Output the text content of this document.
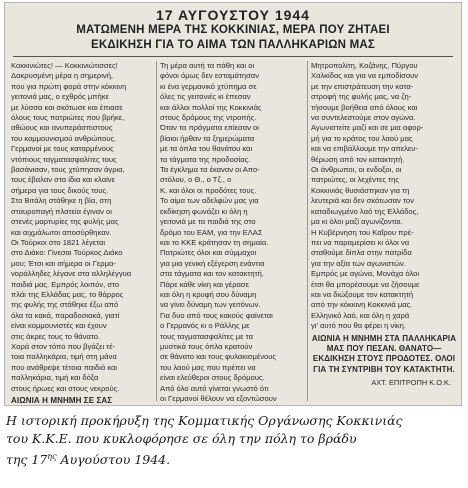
17 ΑΥΓΟΥΣΤΟΥ 1944
ΜΑΤΩΜΕΝΗ ΜΕΡΑ ΤΗΣ ΚΟΚΚΙΝΙΑΣ, ΜΕΡΑ ΠΟΥ ΖΗΤΑΕΙ
ΕΚΔΙΚΗΣΗ ΓΙΑ ΤΟ ΑΙΜΑ ΤΩΝ ΠΑΛΛΗΚΑΡΙΩΝ ΜΑΣ
Κοκκινιώτες! — Κοκκινιώτισσες!
Δακρυσμένη μέρα η σημερινή,
που για πρώτη φορά στην κόκκινη
γειτονιά μας, ο εχθρός μπήκε
με λύσσα και σκότωσε και έπιασε
όλους τους πατριώτες που βρήκε,
αθώους και ανυπεράσπιστους
του κομμουνισμού ανθρώπους.
Γερμανοί με τους καταρμένους
ντόπιους ταγματασφαλίτες τους
βασάνισαν, τους χτύπησαν άγρια,
τους έβαλαν στα ίδια και κλαίνε
σήμερα για τους δικούς τους.
Στο Βιτάλη στάθηκε η βία, στη
σταυροπαγή πλατεία έγιναν οι
στενές μαρτυρίες της φυλής μας
και αιχμάλωτοι αποσύρθηκαν.
Οι Τούρκοι στο 1821 λέγεται
στο Διάκο: Γίνεσαι Τούρκος Διάκο
μου; Έτσι και σήμερα οι Γερμα-
νοράλληδες λέγανε στα αλληλέγγυα
παιδιά μας. Εμπρός λοιπόν, στο
πλάι της Ελλάδας μας, το θάρρος
της φυλής της στάθηκε έξω από
όλα τα κακά, παραδοσιακά, γιατί
είναι κομμουνιστές και έχουν
στις άκρες τους το θάνατο.
Χαρά στον τόπο που βγάζει τέ-
τοια παλληκάρια, τιμή στη μάνα
που ανάθρεψε τέτοια παιδιά και
παλληκάρια, τιμή και δόξα
στους ήρωες και στους νεκρούς.

ΑΙΩΝΙΑ Η ΜΝΗΜΗ ΣΕ ΣΑΣ

Τη μέρα αυτή τα πάθη και οι
φόνοι όμως δεν εσταμάτησαν
κι ένα γερμανικό χτύπημα σε
όλες τις γειτονιές κι έπεσαν
και άλλοι πολλοί της Κοκκινιάς
στους δρόμους της ντροπής.
Όταν τα πράγματα επίεσαν οι
βίαιοι ήρθαν τα ξημερώματα
με τα όπλα του θανάτου και
τα τάγματα της προδοσίας.
Τα έγκλημα τα έκαναν οι Απο-
στόλου, ο Θ., ο Τζ., ο
Κ. και όλοι οι προδότες τους.
Το αίμα των αδελφών μας για
εκδίκηση φωνάζει κι όλη η
γειτονιά με τα παιδιά της στο
δρόμο του ΕΑΜ, για την ΕΛΑΣ
και το ΚΚΕ κράτησαν τη σημαία.
Πατριώτες όλοι και σύμμαχοι
για μια γενική εξέγερση ενάντια
στα τάγματα και τον κατακτητή.
Πάρε κάθε νίκη και γέρασε
και όλη η κρυφή σου δύναμη
να γίνει δύναμη των γειτόνων.
Για δυο από τους κακούς φαίνεται
ο Γερμανός κι ο Ράλλης με
τους ταγματασφαλίτες με τα
μυστικά τους όπλα κρατούν
σε θάνατο και τους φυλακισμένους
του λαού μας που πρέπει να
είναι ελεύθεροι στους δρόμους.
Από όλο αυτό γίνεται γνωστό ότι
οι Γερμανοί θέλουν να εξοντώσουν
Μητροπολίτη, Κοζάνης, Πύργου
Χαλκίδος και για να εμποδίσουν
με την επιστράτευση την κατα-
στροφή της φυλής μας, να ζη-
τήσουμε βοήθεια από όλους και
να συντελεστούμε στον αγώνα.
Αγωνιστείτε μαζί και σε μια αφορ-
μή για το κράτος του λαού μας
και να επιβάλλουμε την απελευ-
θέρωση από τον κατακτητή.
Οι άνθρωποι, οι ενδοξοι, οι
πατριώτες, οι λεχέντες της
Κοκκινιάς θυσιάστηκαν για τη
λευτεριά και δεν σκότωσαν τον
καταδιωγμένο λαό της Ελλάδος,
μα κι όλοι μαζί αγωνίζονται.
Η Κυβέρνηση του Καΐρου πρέ-
πει να παραμερίσει κι όλοι να
σταθούμε δίπλα στην πατρίδα
για την αξία των αγωνιστών.
Εμπρός με αγώνα, Μονάχα όλοι
έτσι θα μπορέσουμε να ζήσουμε
και να διώξουμε τον κατακτητή
από την κόκκινη Κοκκινιά μας.
Ελληνικό λαό, και όλη η χαρά
γι' αυτό που θα φέρει η νίκη.

ΑΙΩΝΙΑ Η ΜΝΗΜΗ ΣΤΑ ΠΑΛΛΗΚΑΡΙΑ ΜΑΣ ΠΟΥ ΠΕΣΑΝ. ΘΑΝΑΤΟ—ΕΚΔΙΚΗΣΗ ΣΤΟΥΣ ΠΡΟΔΟΤΕΣ. ΟΛΟΙ ΓΙΑ ΤΗ ΣΥΝΤΡΙΒΗ ΤΟΥ ΚΑΤΑΚΤΗΤΗ.

ΑΧΤ. ΕΠΙΤΡΟΠΗ Κ.Ο.Κ.

Η ιστορική προκήρυξη της Κομματικής Οργάνωσης Κοκκινιάς
του Κ.Κ.Ε. που κυκλοφόρησε σε όλη την πόλη το βράδυ
της $17^{\eta\varsigma}$ Αυγούστου 1944.
